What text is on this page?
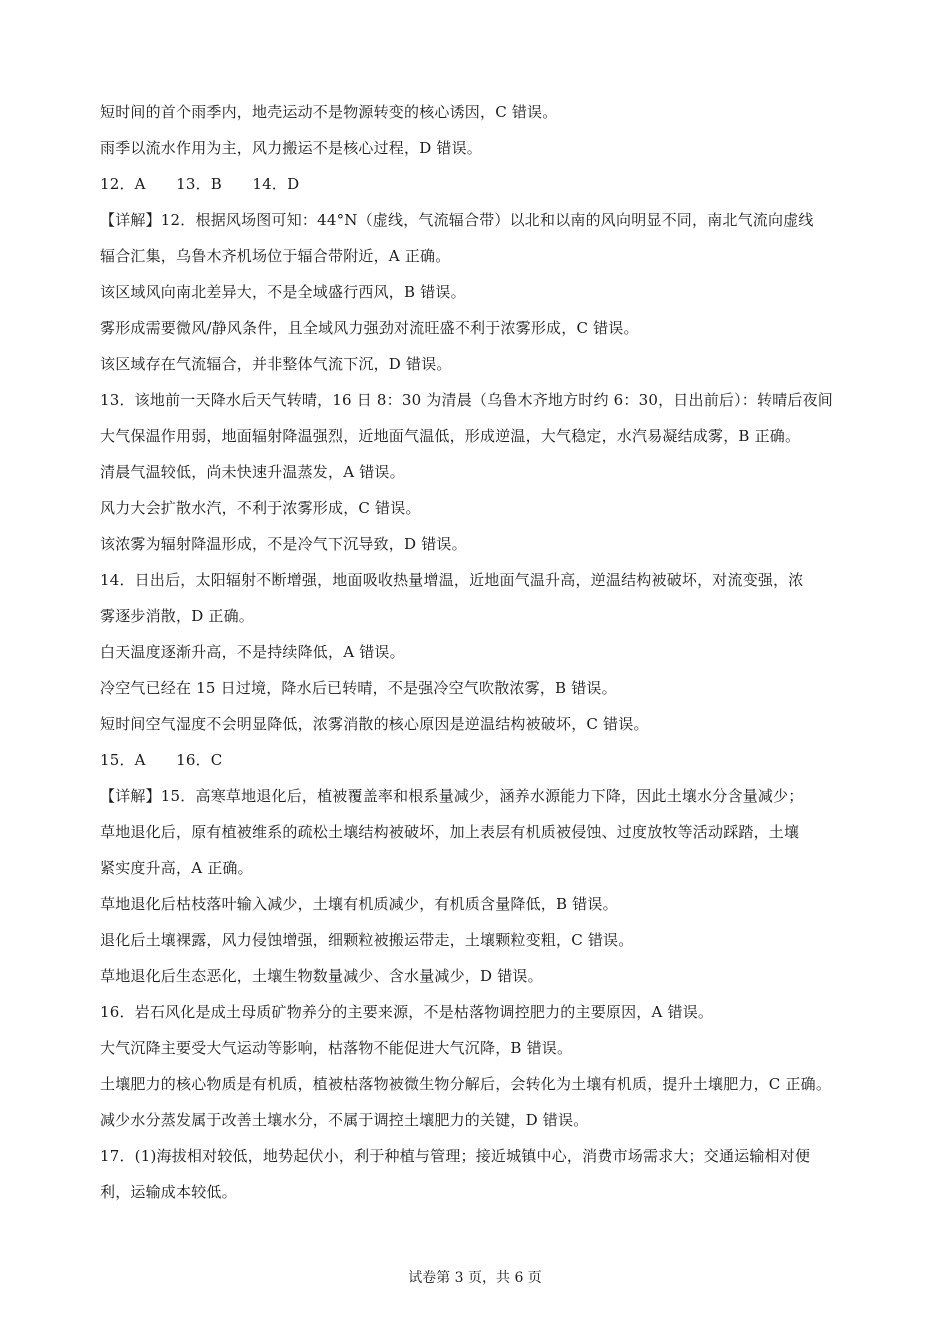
短时间的首个雨季内，地壳运动不是物源转变的核心诱因，C 错误。
雨季以流水作用为主，风力搬运不是核心过程，D 错误。
12．A　　13．B　　14．D
【详解】12．根据风场图可知：44°N（虚线，气流辐合带）以北和以南的风向明显不同，南北气流向虚线
辐合汇集，乌鲁木齐机场位于辐合带附近，A 正确。
该区域风向南北差异大，不是全域盛行西风，B 错误。
雾形成需要微风/静风条件，且全域风力强劲对流旺盛不利于浓雾形成，C 错误。
该区域存在气流辐合，并非整体气流下沉，D 错误。
13．该地前一天降水后天气转晴，16 日 8：30 为清晨（乌鲁木齐地方时约 6：30，日出前后）：转晴后夜间
大气保温作用弱，地面辐射降温强烈，近地面气温低，形成逆温，大气稳定，水汽易凝结成雾，B 正确。
清晨气温较低，尚未快速升温蒸发，A 错误。
风力大会扩散水汽，不利于浓雾形成，C 错误。
该浓雾为辐射降温形成，不是冷气下沉导致，D 错误。
14．日出后，太阳辐射不断增强，地面吸收热量增温，近地面气温升高，逆温结构被破坏，对流变强，浓
雾逐步消散，D 正确。
白天温度逐渐升高，不是持续降低，A 错误。
冷空气已经在 15 日过境，降水后已转晴，不是强冷空气吹散浓雾，B 错误。
短时间空气湿度不会明显降低，浓雾消散的核心原因是逆温结构被破坏，C 错误。
15．A　　16．C
【详解】15．高寒草地退化后，植被覆盖率和根系量减少，涵养水源能力下降，因此土壤水分含量减少；
草地退化后，原有植被维系的疏松土壤结构被破坏，加上表层有机质被侵蚀、过度放牧等活动踩踏，土壤
紧实度升高，A 正确。
草地退化后枯枝落叶输入减少，土壤有机质减少，有机质含量降低，B 错误。
退化后土壤裸露，风力侵蚀增强，细颗粒被搬运带走，土壤颗粒变粗，C 错误。
草地退化后生态恶化，土壤生物数量减少、含水量减少，D 错误。
16．岩石风化是成土母质矿物养分的主要来源，不是枯落物调控肥力的主要原因，A 错误。
大气沉降主要受大气运动等影响，枯落物不能促进大气沉降，B 错误。
土壤肥力的核心物质是有机质，植被枯落物被微生物分解后，会转化为土壤有机质，提升土壤肥力，C 正确。
减少水分蒸发属于改善土壤水分，不属于调控土壤肥力的关键，D 错误。
17．(1)海拔相对较低，地势起伏小，利于种植与管理；接近城镇中心，消费市场需求大；交通运输相对便
利，运输成本较低。
试卷第 3 页，共 6 页
